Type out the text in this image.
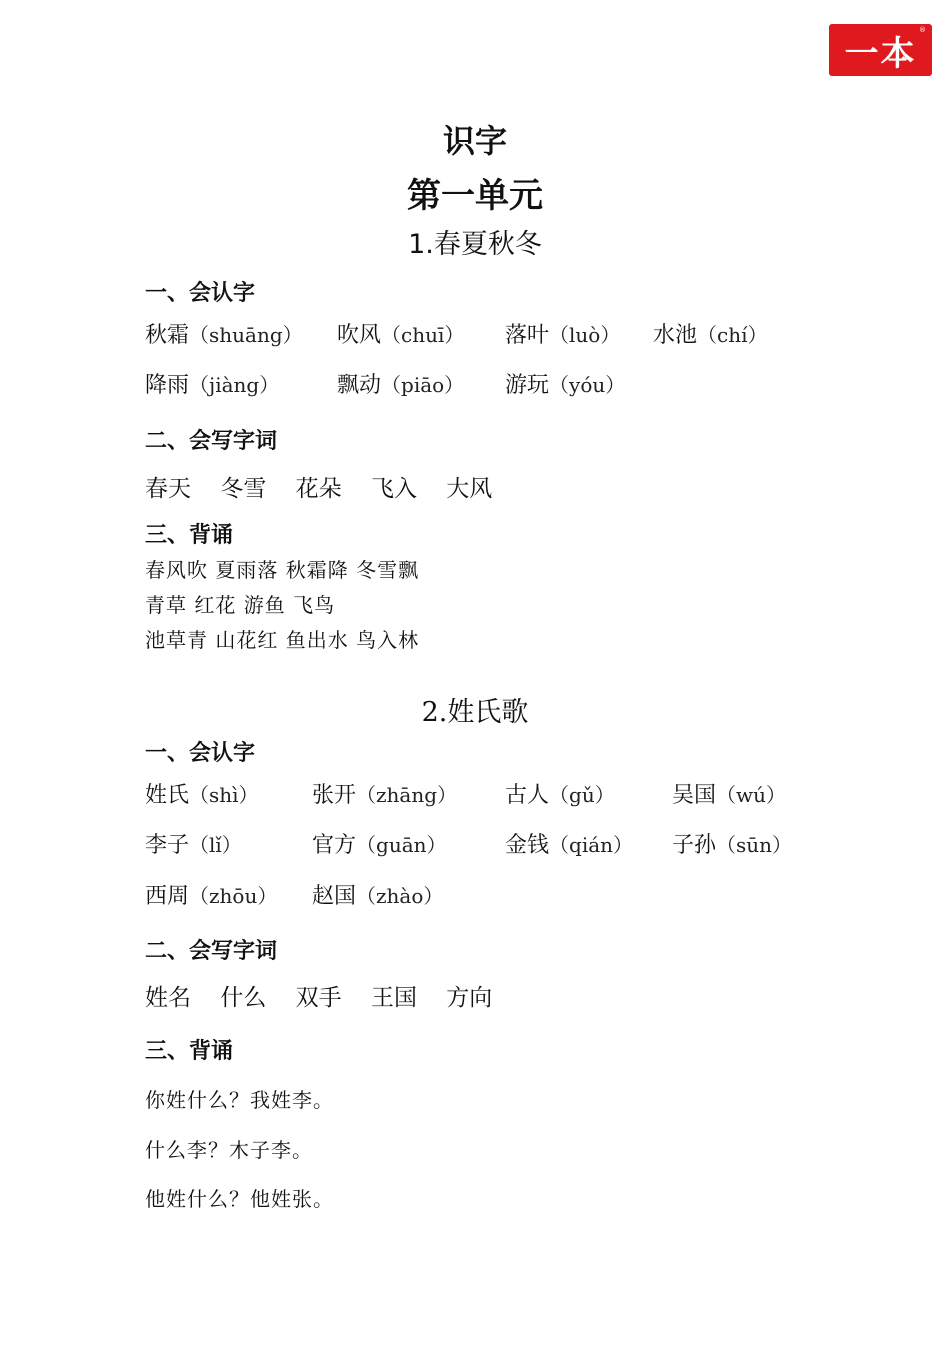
一本
®
识字
第一单元
1.春夏秋冬
一、会认字
秋霜（shuāng） 吹风（chuī） 落叶（luò） 水池（chí）
降雨（jiàng）	飘动（piāo） 游玩（yóu）
二、会写字词
春天 冬雪 花朵 飞入 大风
三、背诵
春风吹 夏雨落 秋霜降 冬雪飘
青草 红花 游鱼 飞鸟
池草青 山花红 鱼出水 鸟入林
2.姓氏歌
一、会认字
姓氏（shì） 张开（zhāng） 古人（gǔ）	吴国（wú）
李子（lǐ）	官方（guān）	金钱（qián） 子孙（sūn）
西周（zhōu） 赵国（zhào）
二、会写字词
姓名 什么 双手 王国 方向
三、背诵
你姓什么？我姓李。
什么李？木子李。
他姓什么？他姓张。
